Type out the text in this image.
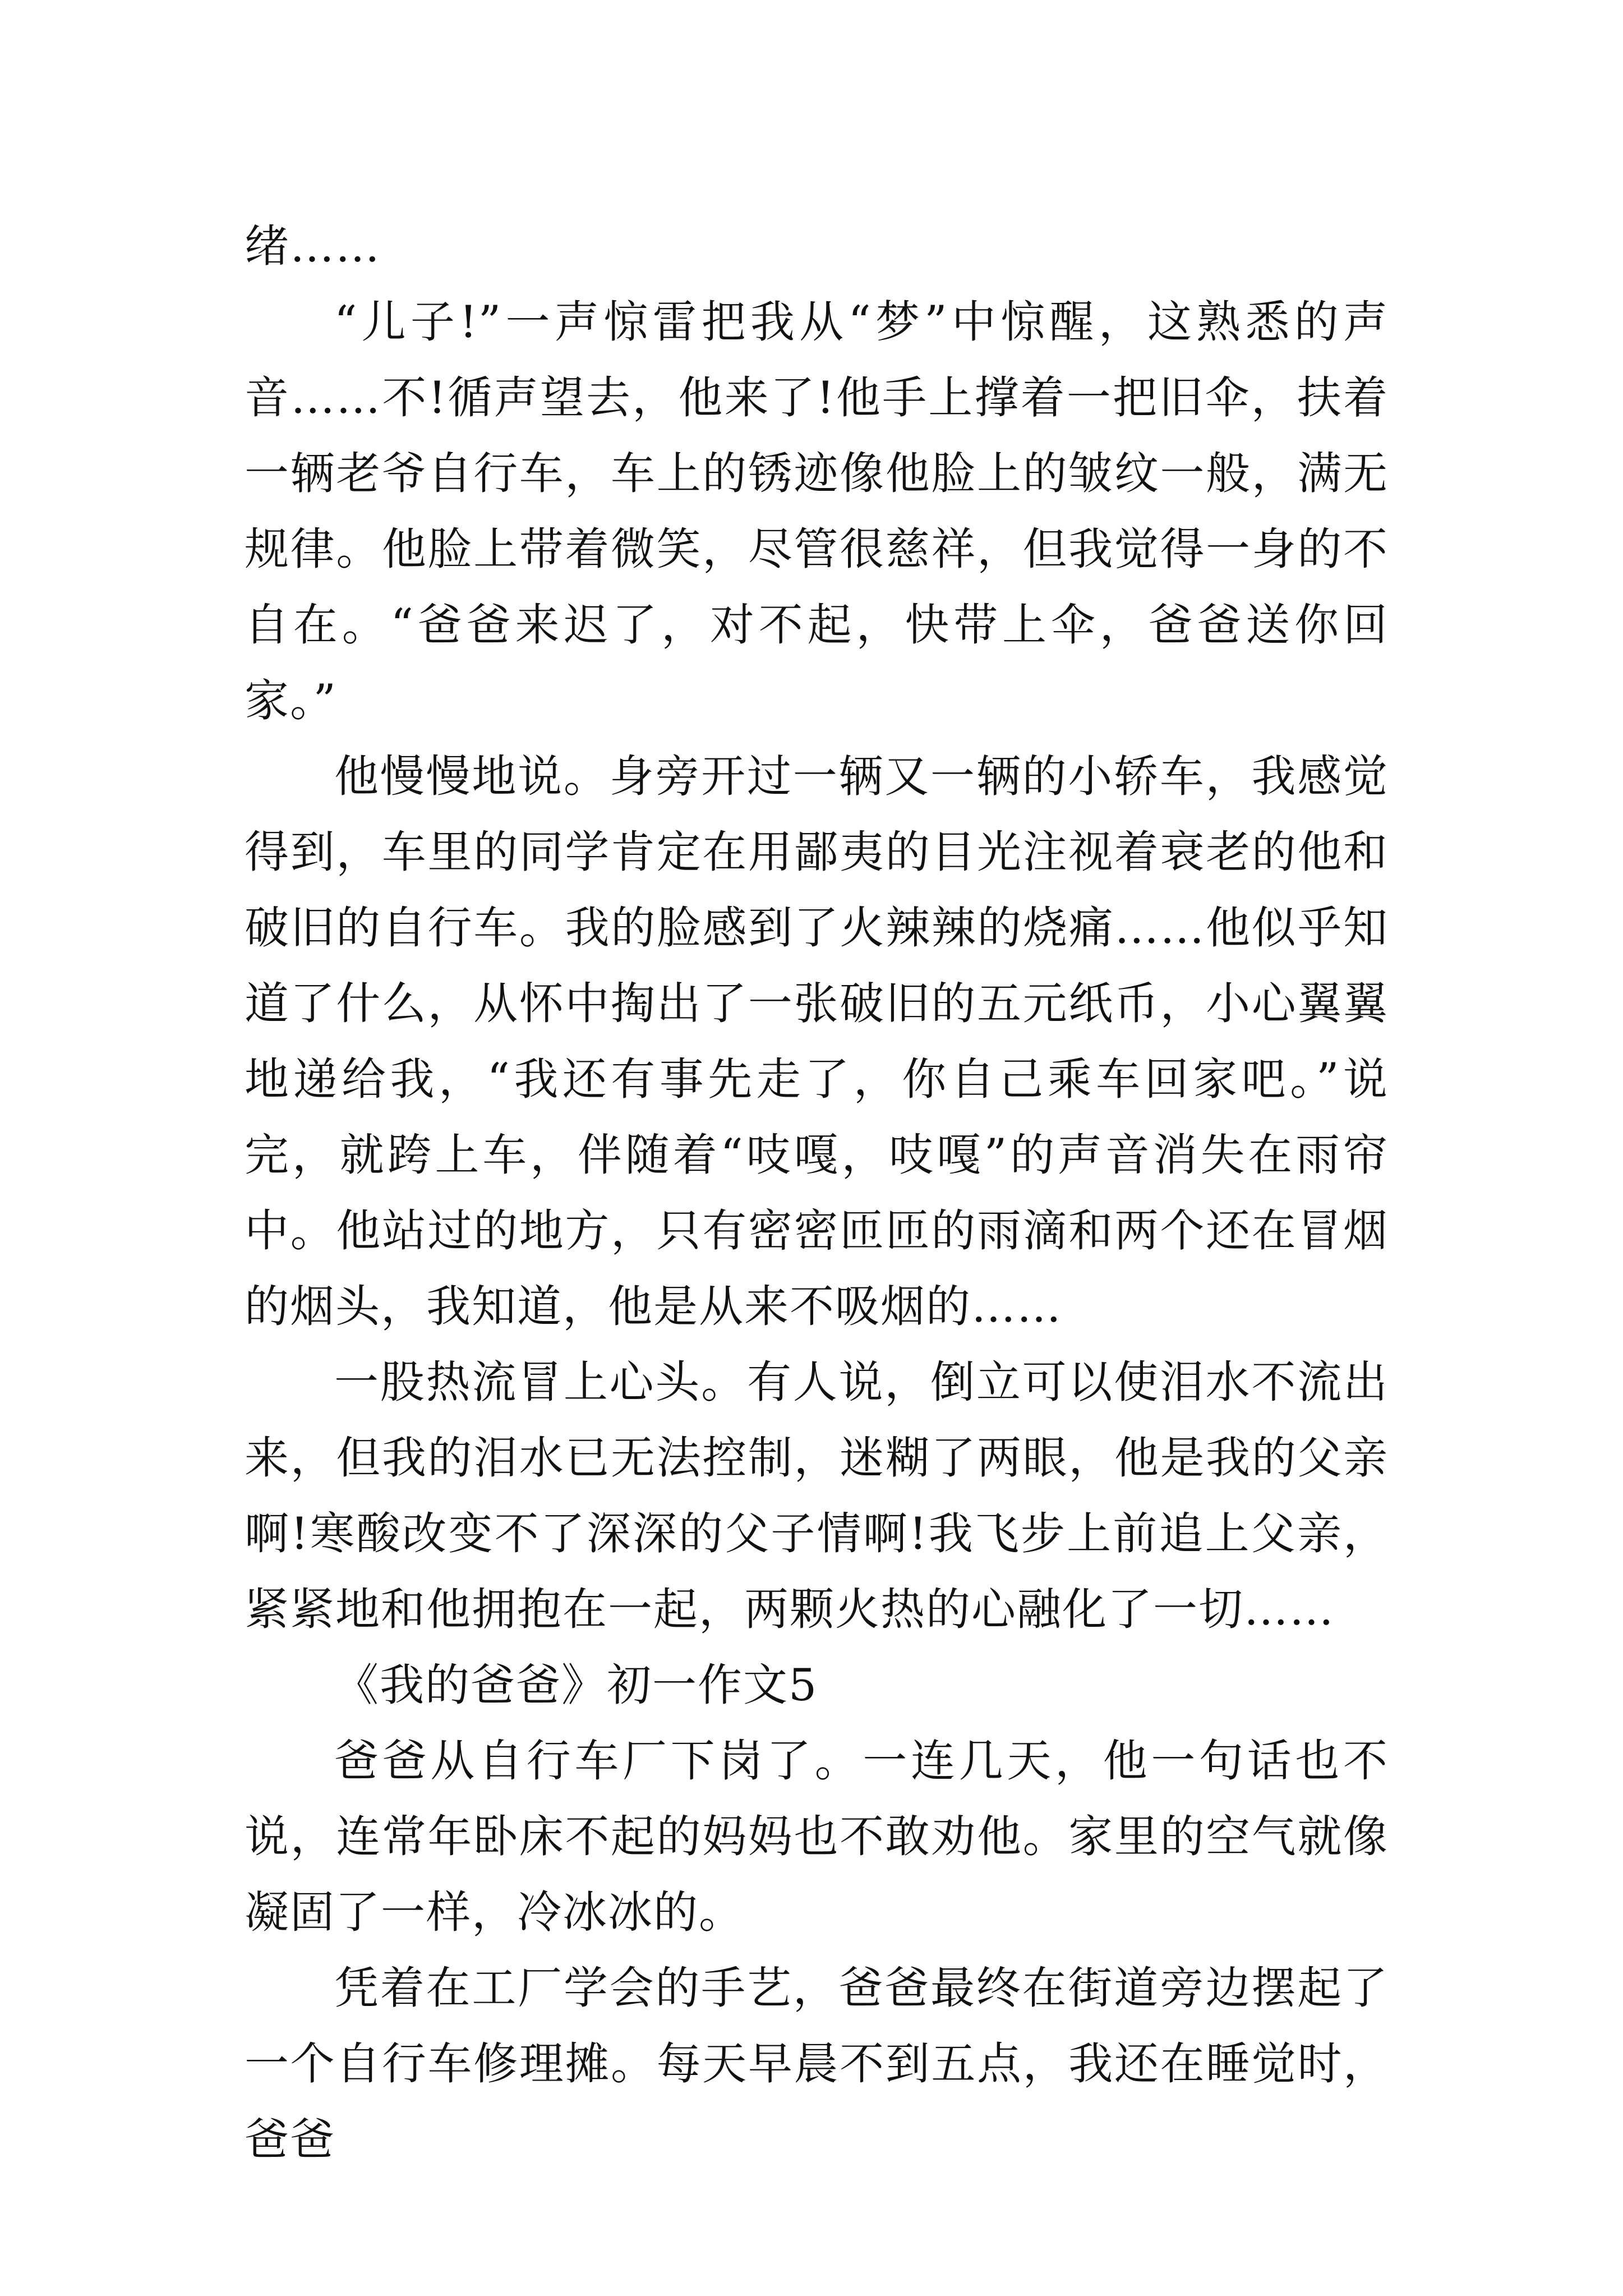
绪……

“儿子!”一声惊雷把我从“梦”中惊醒，这熟悉的声音……不!循声望去，他来了!他手上撑着一把旧伞，扶着一辆老爷自行车，车上的锈迹像他脸上的皱纹一般，满无规律。他脸上带着微笑，尽管很慈祥，但我觉得一身的不自在。“爸爸来迟了，对不起，快带上伞，爸爸送你回家。”

他慢慢地说。身旁开过一辆又一辆的小轿车，我感觉得到，车里的同学肯定在用鄙夷的目光注视着衰老的他和破旧的自行车。我的脸感到了火辣辣的烧痛……他似乎知道了什么，从怀中掏出了一张破旧的五元纸币，小心翼翼地递给我，“我还有事先走了，你自己乘车回家吧。”说完，就跨上车，伴随着“吱嘎，吱嘎”的声音消失在雨帘中。他站过的地方，只有密密匝匝的雨滴和两个还在冒烟的烟头，我知道，他是从来不吸烟的……

一股热流冒上心头。有人说，倒立可以使泪水不流出来，但我的泪水已无法控制，迷糊了两眼，他是我的父亲啊!寒酸改变不了深深的父子情啊!我飞步上前追上父亲，紧紧地和他拥抱在一起，两颗火热的心融化了一切……

《我的爸爸》初一作文5

爸爸从自行车厂下岗了。一连几天，他一句话也不说，连常年卧床不起的妈妈也不敢劝他。家里的空气就像凝固了一样，冷冰冰的。

凭着在工厂学会的手艺，爸爸最终在街道旁边摆起了一个自行车修理摊。每天早晨不到五点，我还在睡觉时，爸爸
